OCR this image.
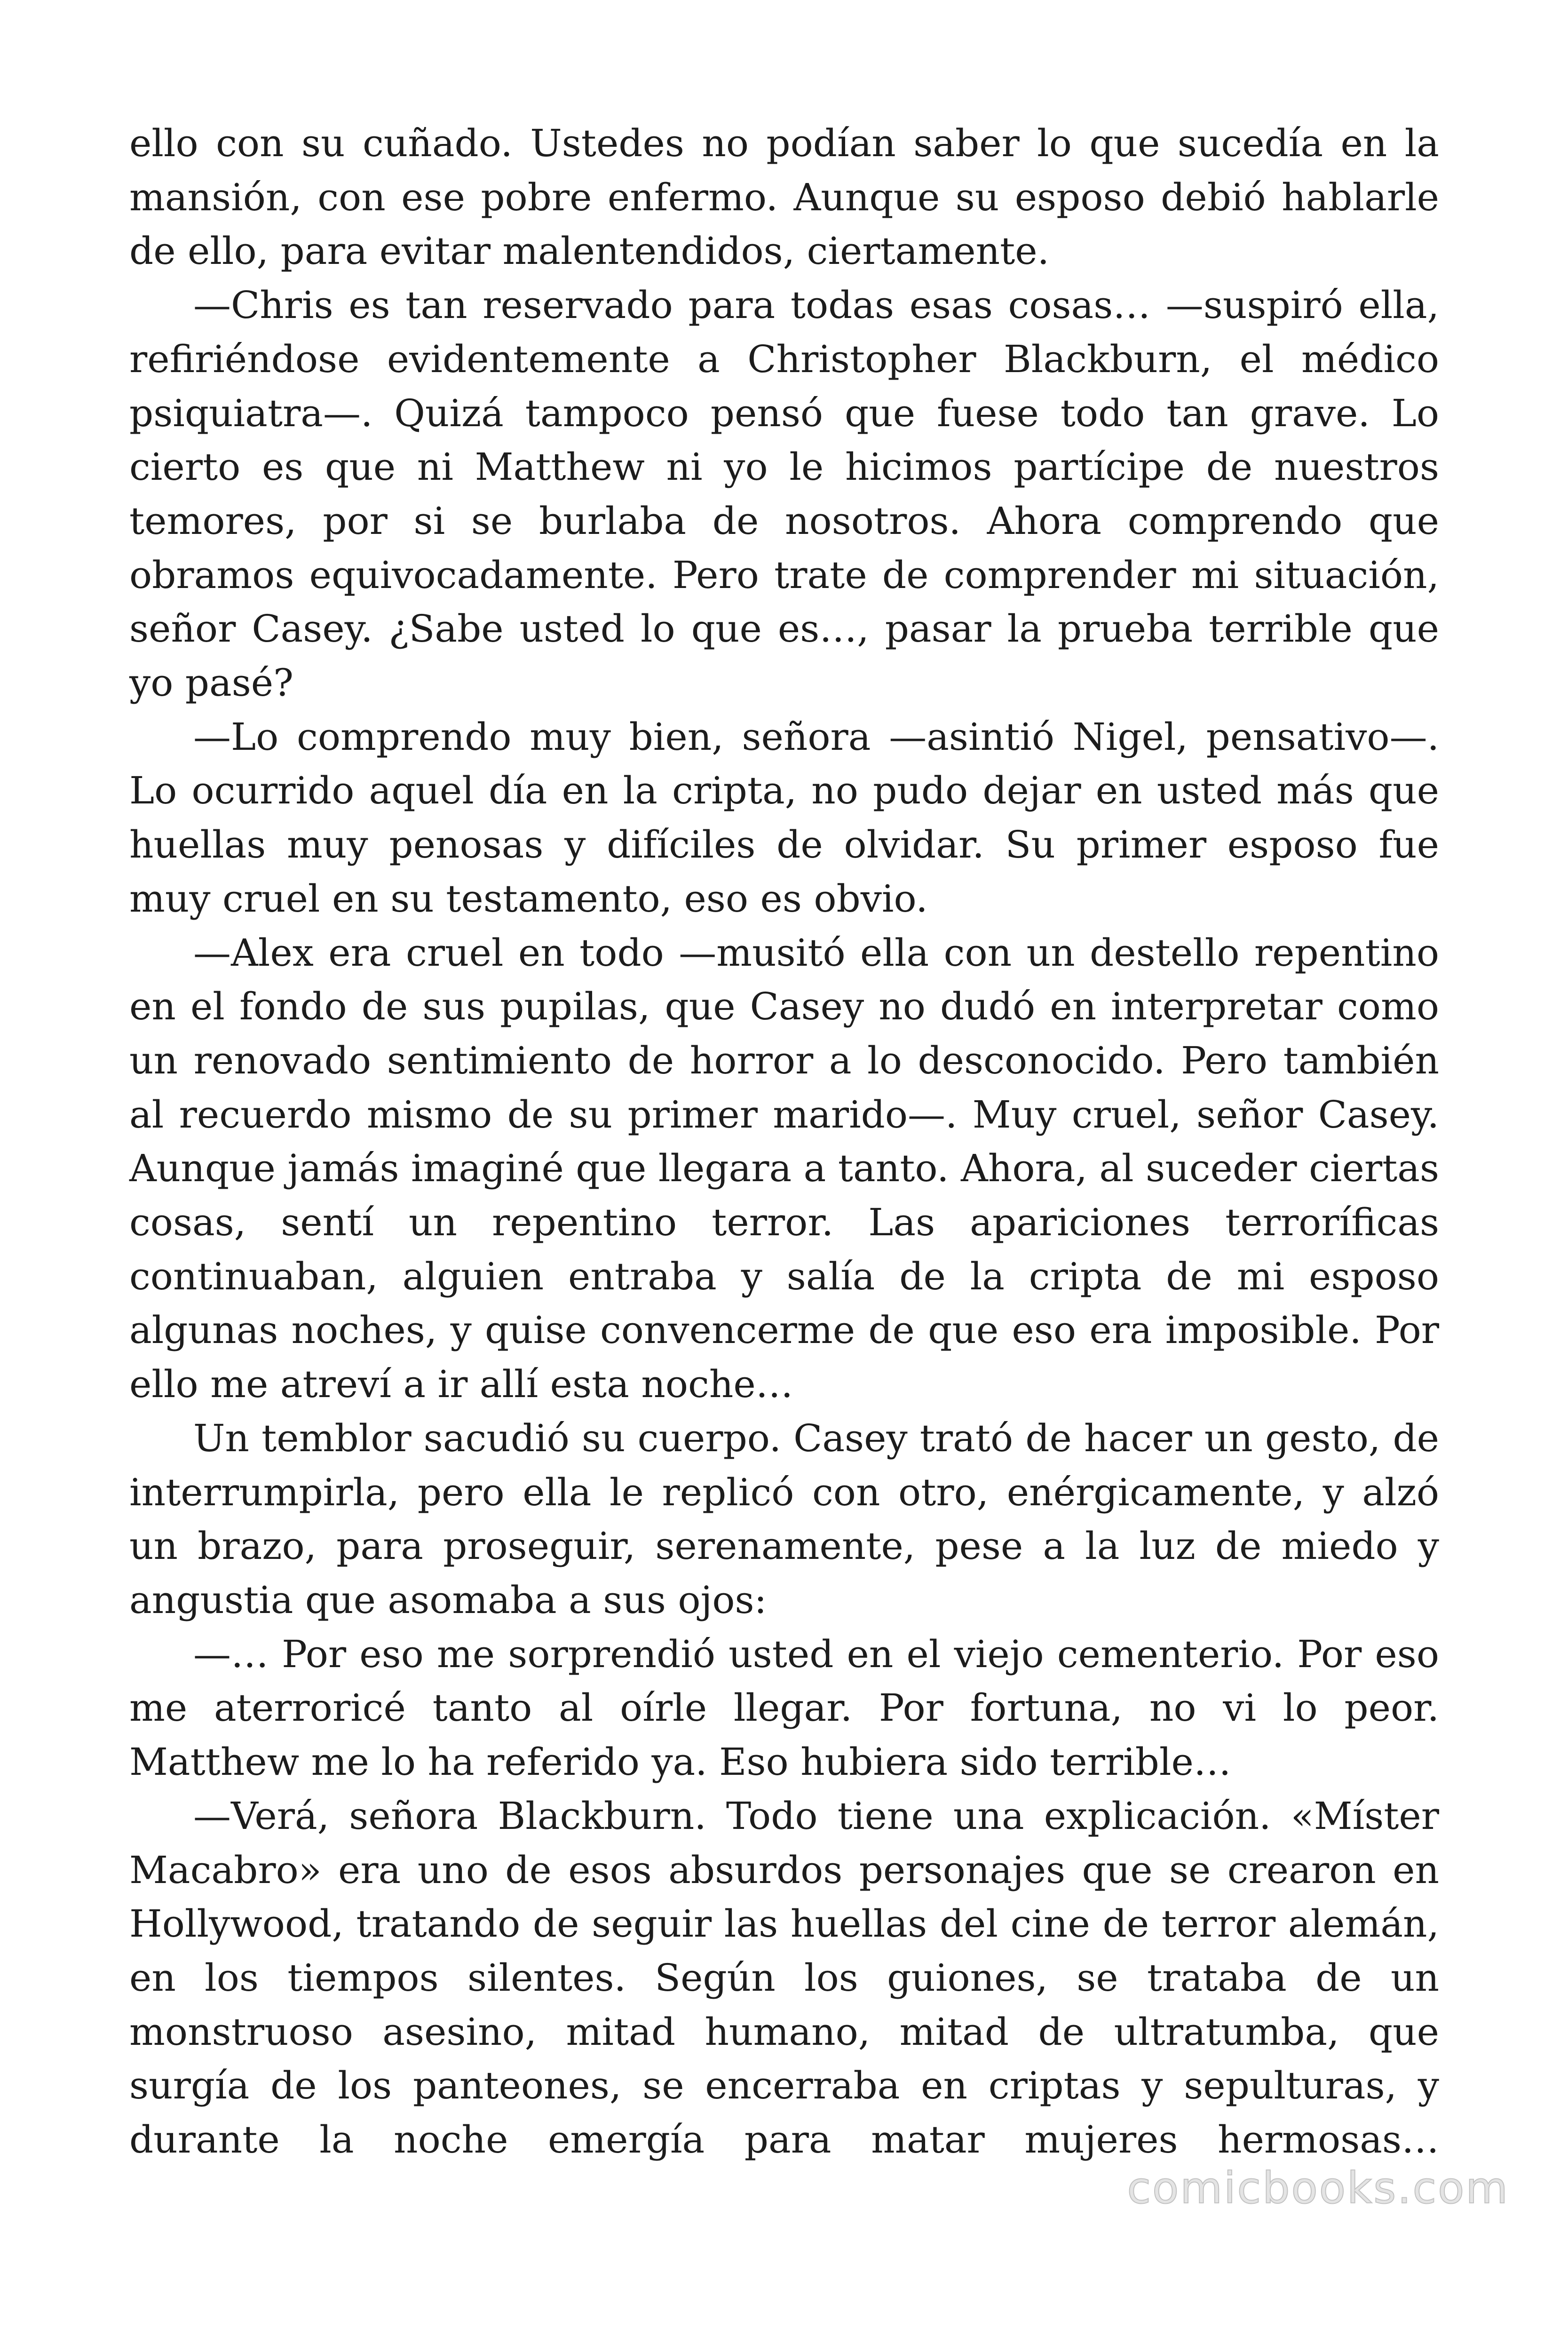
ello con su cuñado. Ustedes no podían saber lo que sucedía en la mansión, con ese pobre enfermo. Aunque su esposo debió hablarle de ello, para evitar malentendidos, ciertamente.

—Chris es tan reservado para todas esas cosas… —suspiró ella, refiriéndose evidentemente a Christopher Blackburn, el médico psiquiatra—. Quizá tampoco pensó que fuese todo tan grave. Lo cierto es que ni Matthew ni yo le hicimos partícipe de nuestros temores, por si se burlaba de nosotros. Ahora comprendo que obramos equivocadamente. Pero trate de comprender mi situación, señor Casey. ¿Sabe usted lo que es…, pasar la prueba terrible que yo pasé?

—Lo comprendo muy bien, señora —asintió Nigel, pensativo—. Lo ocurrido aquel día en la cripta, no pudo dejar en usted más que huellas muy penosas y difíciles de olvidar. Su primer esposo fue muy cruel en su testamento, eso es obvio.

—Alex era cruel en todo —musitó ella con un destello repentino en el fondo de sus pupilas, que Casey no dudó en interpretar como un renovado sentimiento de horror a lo desconocido. Pero también al recuerdo mismo de su primer marido—. Muy cruel, señor Casey. Aunque jamás imaginé que llegara a tanto. Ahora, al suceder ciertas cosas, sentí un repentino terror. Las apariciones terroríficas continuaban, alguien entraba y salía de la cripta de mi esposo algunas noches, y quise convencerme de que eso era imposible. Por ello me atreví a ir allí esta noche…

Un temblor sacudió su cuerpo. Casey trató de hacer un gesto, de interrumpirla, pero ella le replicó con otro, enérgicamente, y alzó un brazo, para proseguir, serenamente, pese a la luz de miedo y angustia que asomaba a sus ojos:

—… Por eso me sorprendió usted en el viejo cementerio. Por eso me aterroricé tanto al oírle llegar. Por fortuna, no vi lo peor. Matthew me lo ha referido ya. Eso hubiera sido terrible…

—Verá, señora Blackburn. Todo tiene una explicación. «Míster Macabro» era uno de esos absurdos personajes que se crearon en Hollywood, tratando de seguir las huellas del cine de terror alemán, en los tiempos silentes. Según los guiones, se trataba de un monstruoso asesino, mitad humano, mitad de ultratumba, que surgía de los panteones, se encerraba en criptas y sepulturas, y durante la noche emergía para matar mujeres hermosas…

comicbooks.com
